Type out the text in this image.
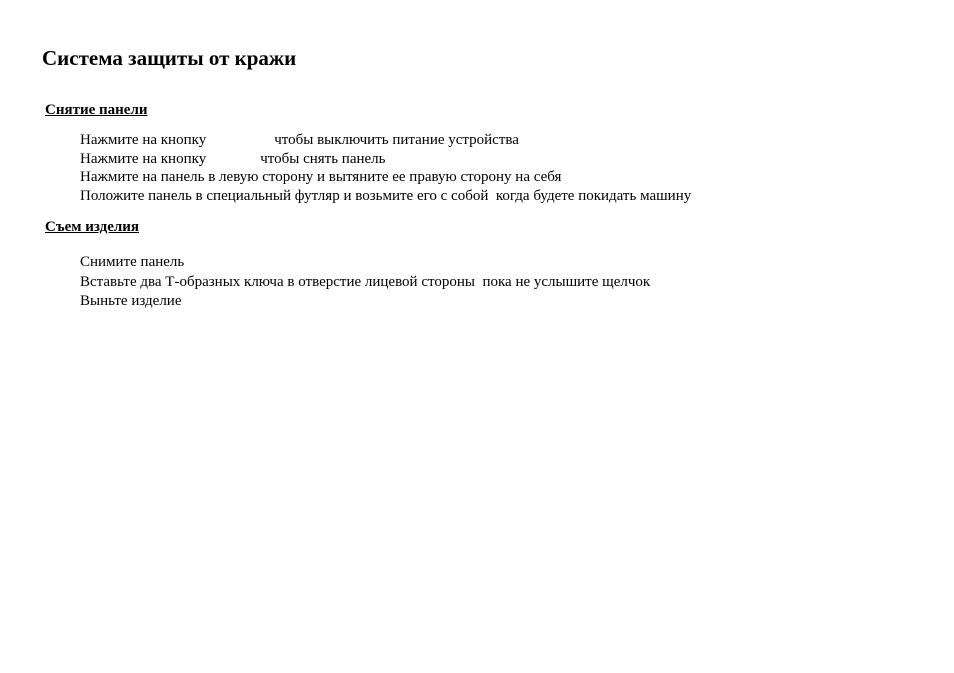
Система защиты от кражи
Снятие панели
Нажмите на кнопку	чтобы выключить питание устройства
Нажмите на кнопку	чтобы снять панель
Нажмите на панель в левую сторону и вытяните ее правую сторону на себя
Положите панель в специальный футляр и возьмите его с собой  когда будете покидать машину
Съем изделия
Снимите панель
Вставьте два Т-образных ключа в отверстие лицевой стороны  пока не услышите щелчок
Выньте изделие
